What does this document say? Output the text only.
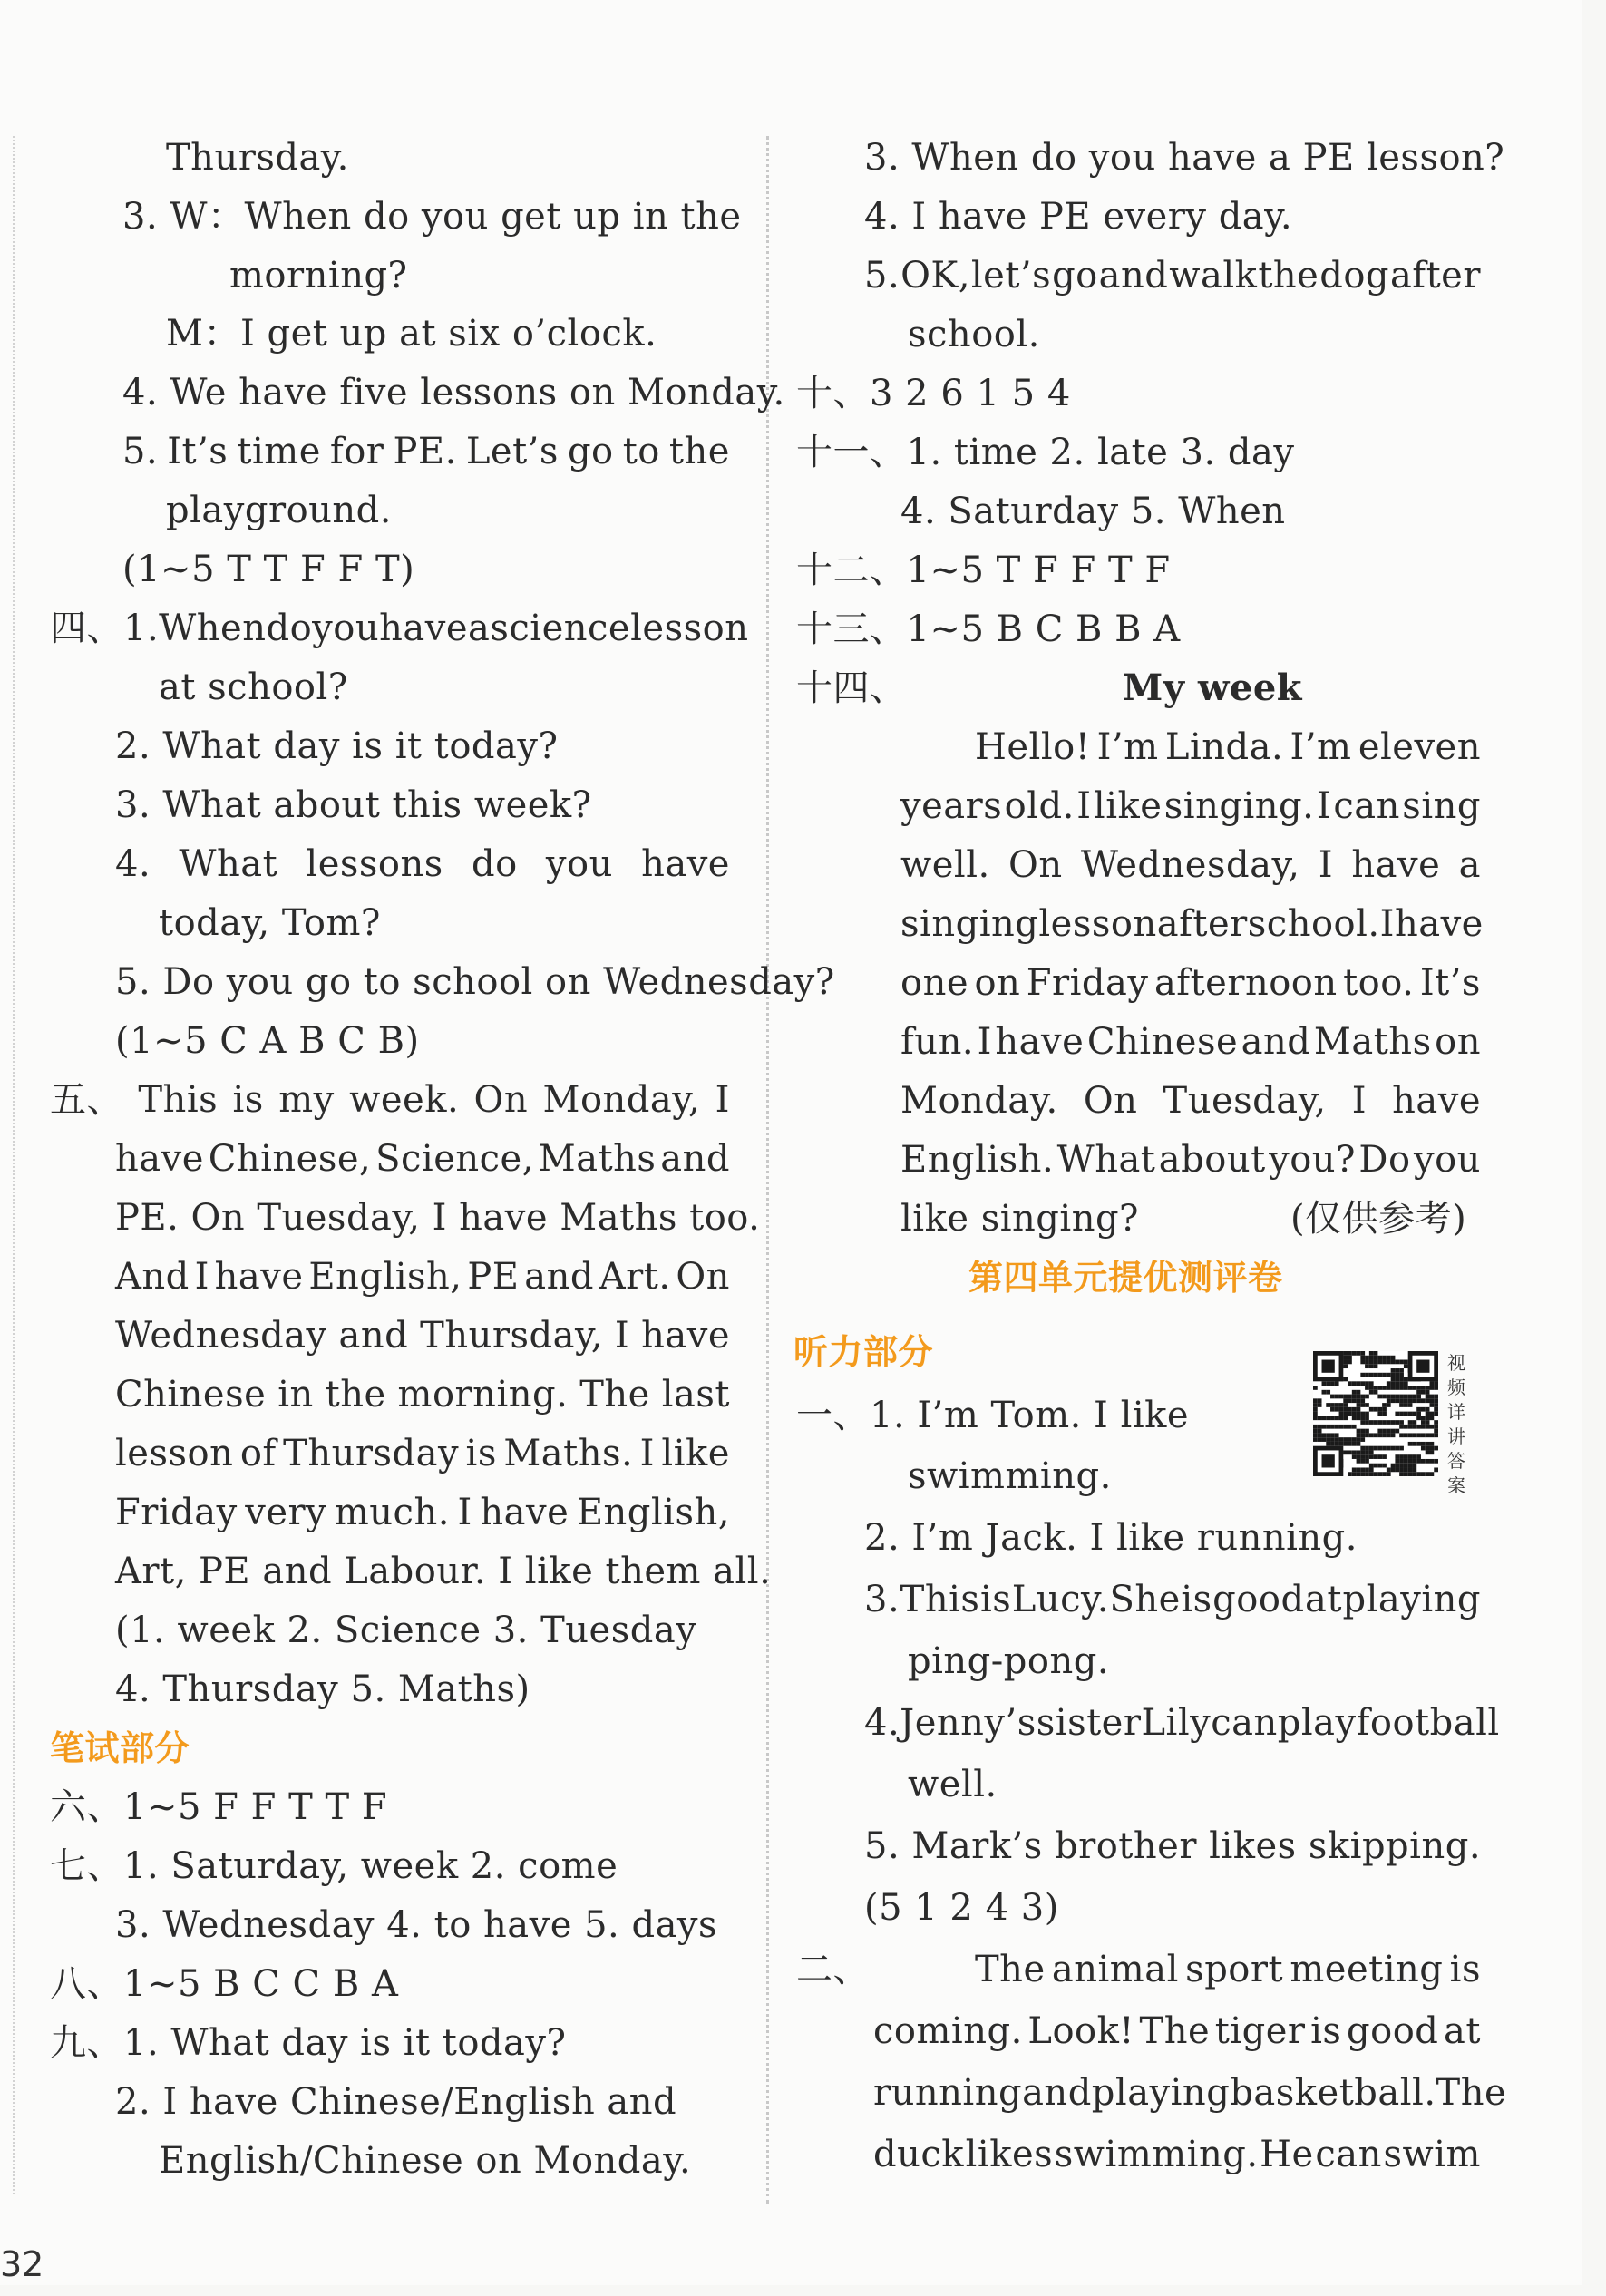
Thursday.
3. W：When do you get up in the
morning?
M：I get up at six o’clock.
4. We have five lessons on Monday.
5. It’s time for PE. Let’s go to the
playground.
(1~5 T T F F T)
四、1. When do you have a science lesson
at school?
2. What day is it today?
3. What about this week?
4. What lessons do you have
today, Tom?
5. Do you go to school on Wednesday?
(1~5 C A B C B)
五、 This is my week. On Monday, I
have Chinese, Science, Maths and
PE. On Tuesday, I have Maths too.
And I have English, PE and Art. On
Wednesday and Thursday, I have
Chinese in the morning. The last
lesson of Thursday is Maths. I like
Friday very much. I have English,
Art, PE and Labour. I like them all.
(1. week 2. Science 3. Tuesday
4. Thursday 5. Maths)
笔试部分
六、1~5 F F T T F
七、1. Saturday, week 2. come
3. Wednesday 4. to have 5. days
八、1~5 B C C B A
九、1. What day is it today?
2. I have Chinese/English and
English/Chinese on Monday.
3. When do you have a PE lesson?
4. I have PE every day.
5. OK, let’s go and walk the dog after
school.
十、3 2 6 1 5 4
十一、1. time 2. late 3. day
4. Saturday 5. When
十二、1~5 T F F T F
十三、1~5 B C B B A
十四、	My week
Hello! I’m Linda. I’m eleven
years old. I like singing. I can sing
well. On Wednesday, I have a
singing lesson after school. I have
one on Friday afternoon too. It’s
fun. I have Chinese and Maths on
Monday. On Tuesday, I have
English. What about you? Do you
like singing?	(仅供参考)
第四单元提优测评卷
听力部分
一、1. I’m Tom. I like
swimming.
2. I’m Jack. I like running.
3. This is Lucy. She is good at playing
ping-pong.
4. Jenny’s sister Lily can play football
well.
5. Mark’s brother likes skipping.
(5 1 2 4 3)
二、	The animal sport meeting is
coming. Look! The tiger is good at
running and playing basketball. The
duck likes swimming. He can swim
视频详讲答案
32
